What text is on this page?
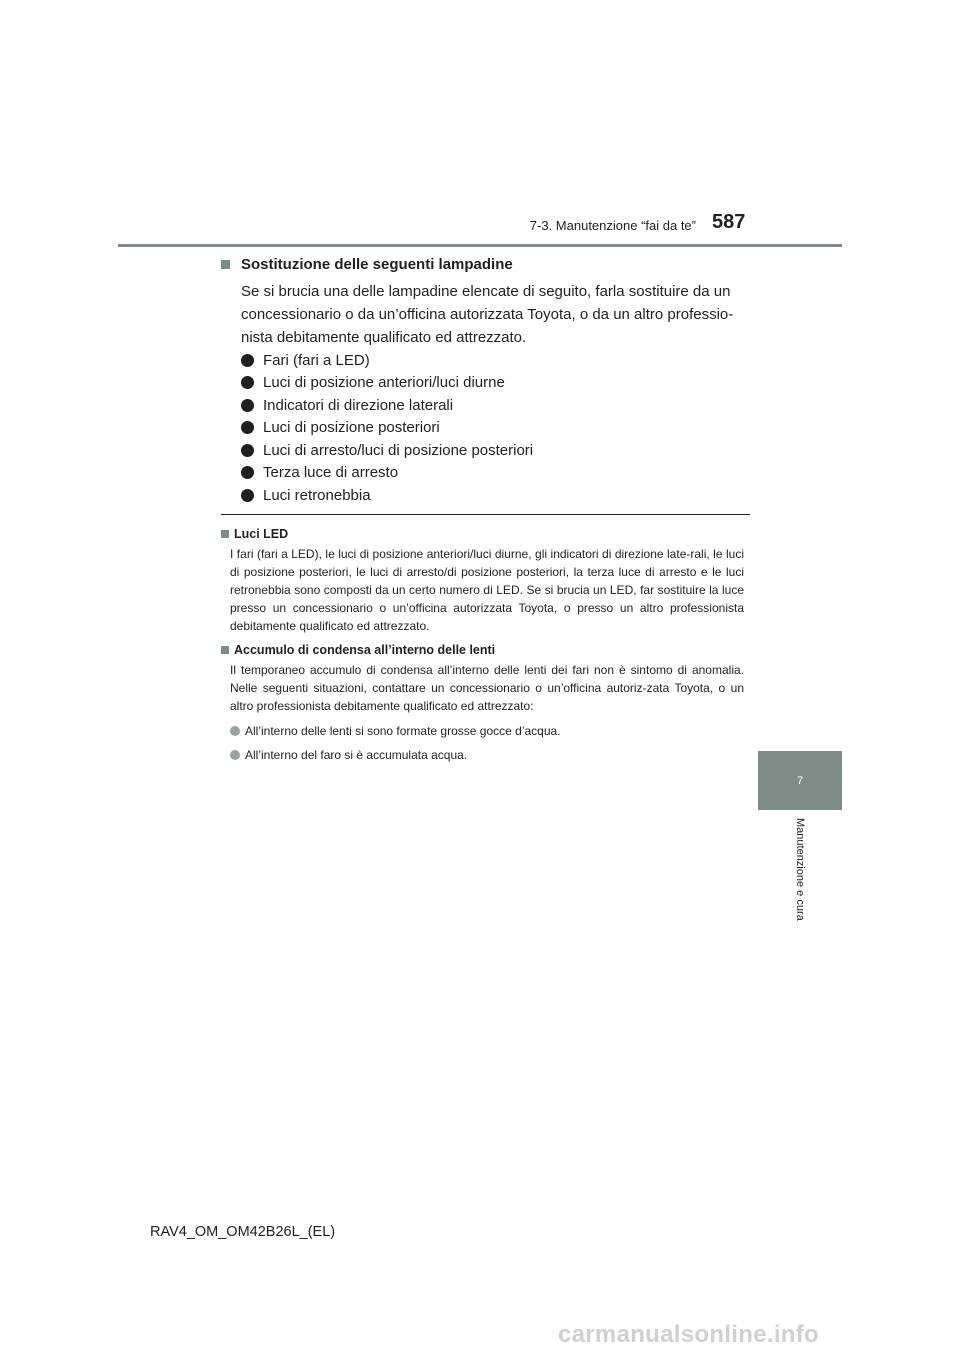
7-3. Manutenzione “fai da te” 587
Sostituzione delle seguenti lampadine
Se si brucia una delle lampadine elencate di seguito, farla sostituire da un
concessionario o da un’officina autorizzata Toyota, o da un altro professio-
nista debitamente qualificato ed attrezzato.
Fari (fari a LED)
Luci di posizione anteriori/luci diurne
Indicatori di direzione laterali
Luci di posizione posteriori
Luci di arresto/luci di posizione posteriori
Terza luce di arresto
Luci retronebbia
Luci LED
I fari (fari a LED), le luci di posizione anteriori/luci diurne, gli indicatori di direzione late-rali, le luci di posizione posteriori, le luci di arresto/di posizione posteriori, la terza luce di arresto e le luci retronebbia sono composti da un certo numero di LED. Se si brucia un LED, far sostituire la luce presso un concessionario o un’officina autorizzata Toyota, o presso un altro professionista debitamente qualificato ed attrezzato.
Accumulo di condensa all’interno delle lenti
Il temporaneo accumulo di condensa all’interno delle lenti dei fari non è sintomo di anomalia. Nelle seguenti situazioni, contattare un concessionario o un’officina autoriz-zata Toyota, o un altro professionista debitamente qualificato ed attrezzato:
All’interno delle lenti si sono formate grosse gocce d’acqua.
All’interno del faro si è accumulata acqua.
7
Manutenzione e cura
RAV4_OM_OM42B26L_(EL)
carmanualsonline.info
